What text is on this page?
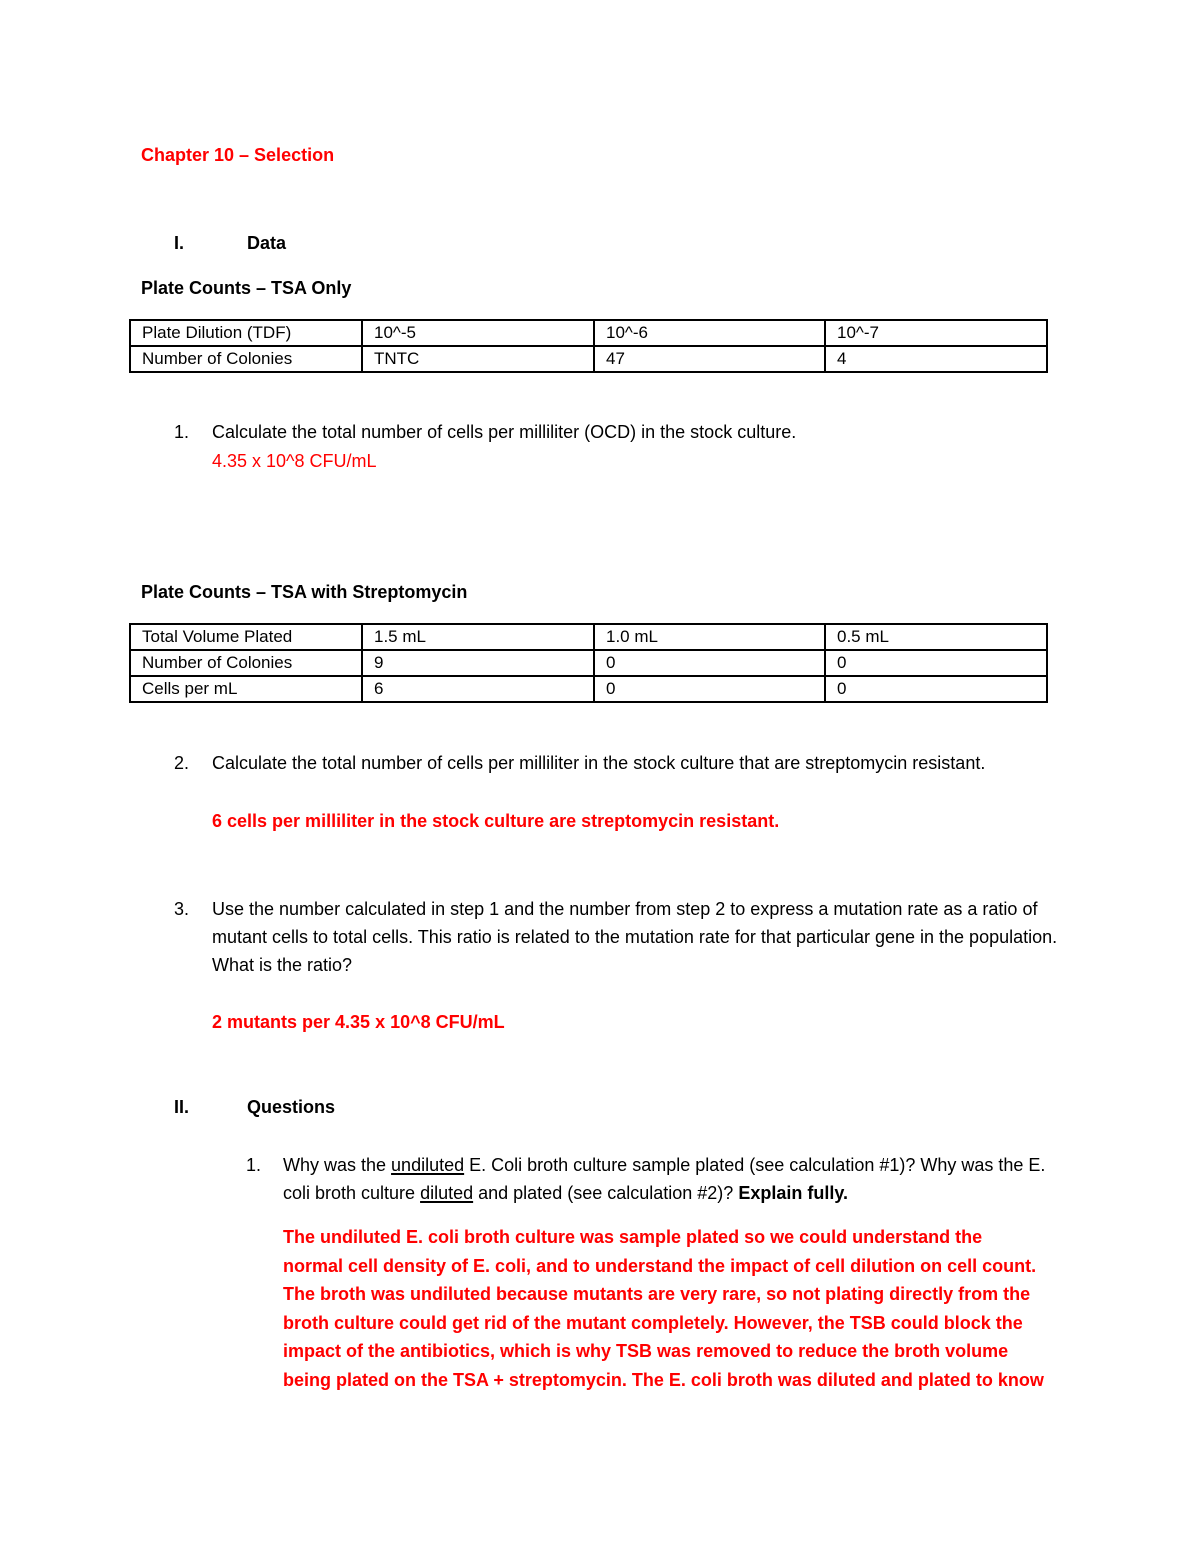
Chapter 10 – Selection
I.	Data
Plate Counts – TSA Only
Plate Dilution (TDF)	10^-5	10^-6	10^-7
Number of Colonies	TNTC	47	4
1. Calculate the total number of cells per milliliter (OCD) in the stock culture.
4.35 x 10^8 CFU/mL
Plate Counts – TSA with Streptomycin
Total Volume Plated	1.5 mL	1.0 mL	0.5 mL
Number of Colonies	9	0	0
Cells per mL	6	0	0
2. Calculate the total number of cells per milliliter in the stock culture that are streptomycin resistant.
6 cells per milliliter in the stock culture are streptomycin resistant.
3. Use the number calculated in step 1 and the number from step 2 to express a mutation rate as a ratio of mutant cells to total cells. This ratio is related to the mutation rate for that particular gene in the population. What is the ratio?
2 mutants per 4.35 x 10^8 CFU/mL
II.	Questions
1. Why was the undiluted E. Coli broth culture sample plated (see calculation #1)? Why was the E. coli broth culture diluted and plated (see calculation #2)? Explain fully.
The undiluted E. coli broth culture was sample plated so we could understand the
normal cell density of E. coli, and to understand the impact of cell dilution on cell count.
The broth was undiluted because mutants are very rare, so not plating directly from the
broth culture could get rid of the mutant completely. However, the TSB could block the
impact of the antibiotics, which is why TSB was removed to reduce the broth volume
being plated on the TSA + streptomycin. The E. coli broth was diluted and plated to know
